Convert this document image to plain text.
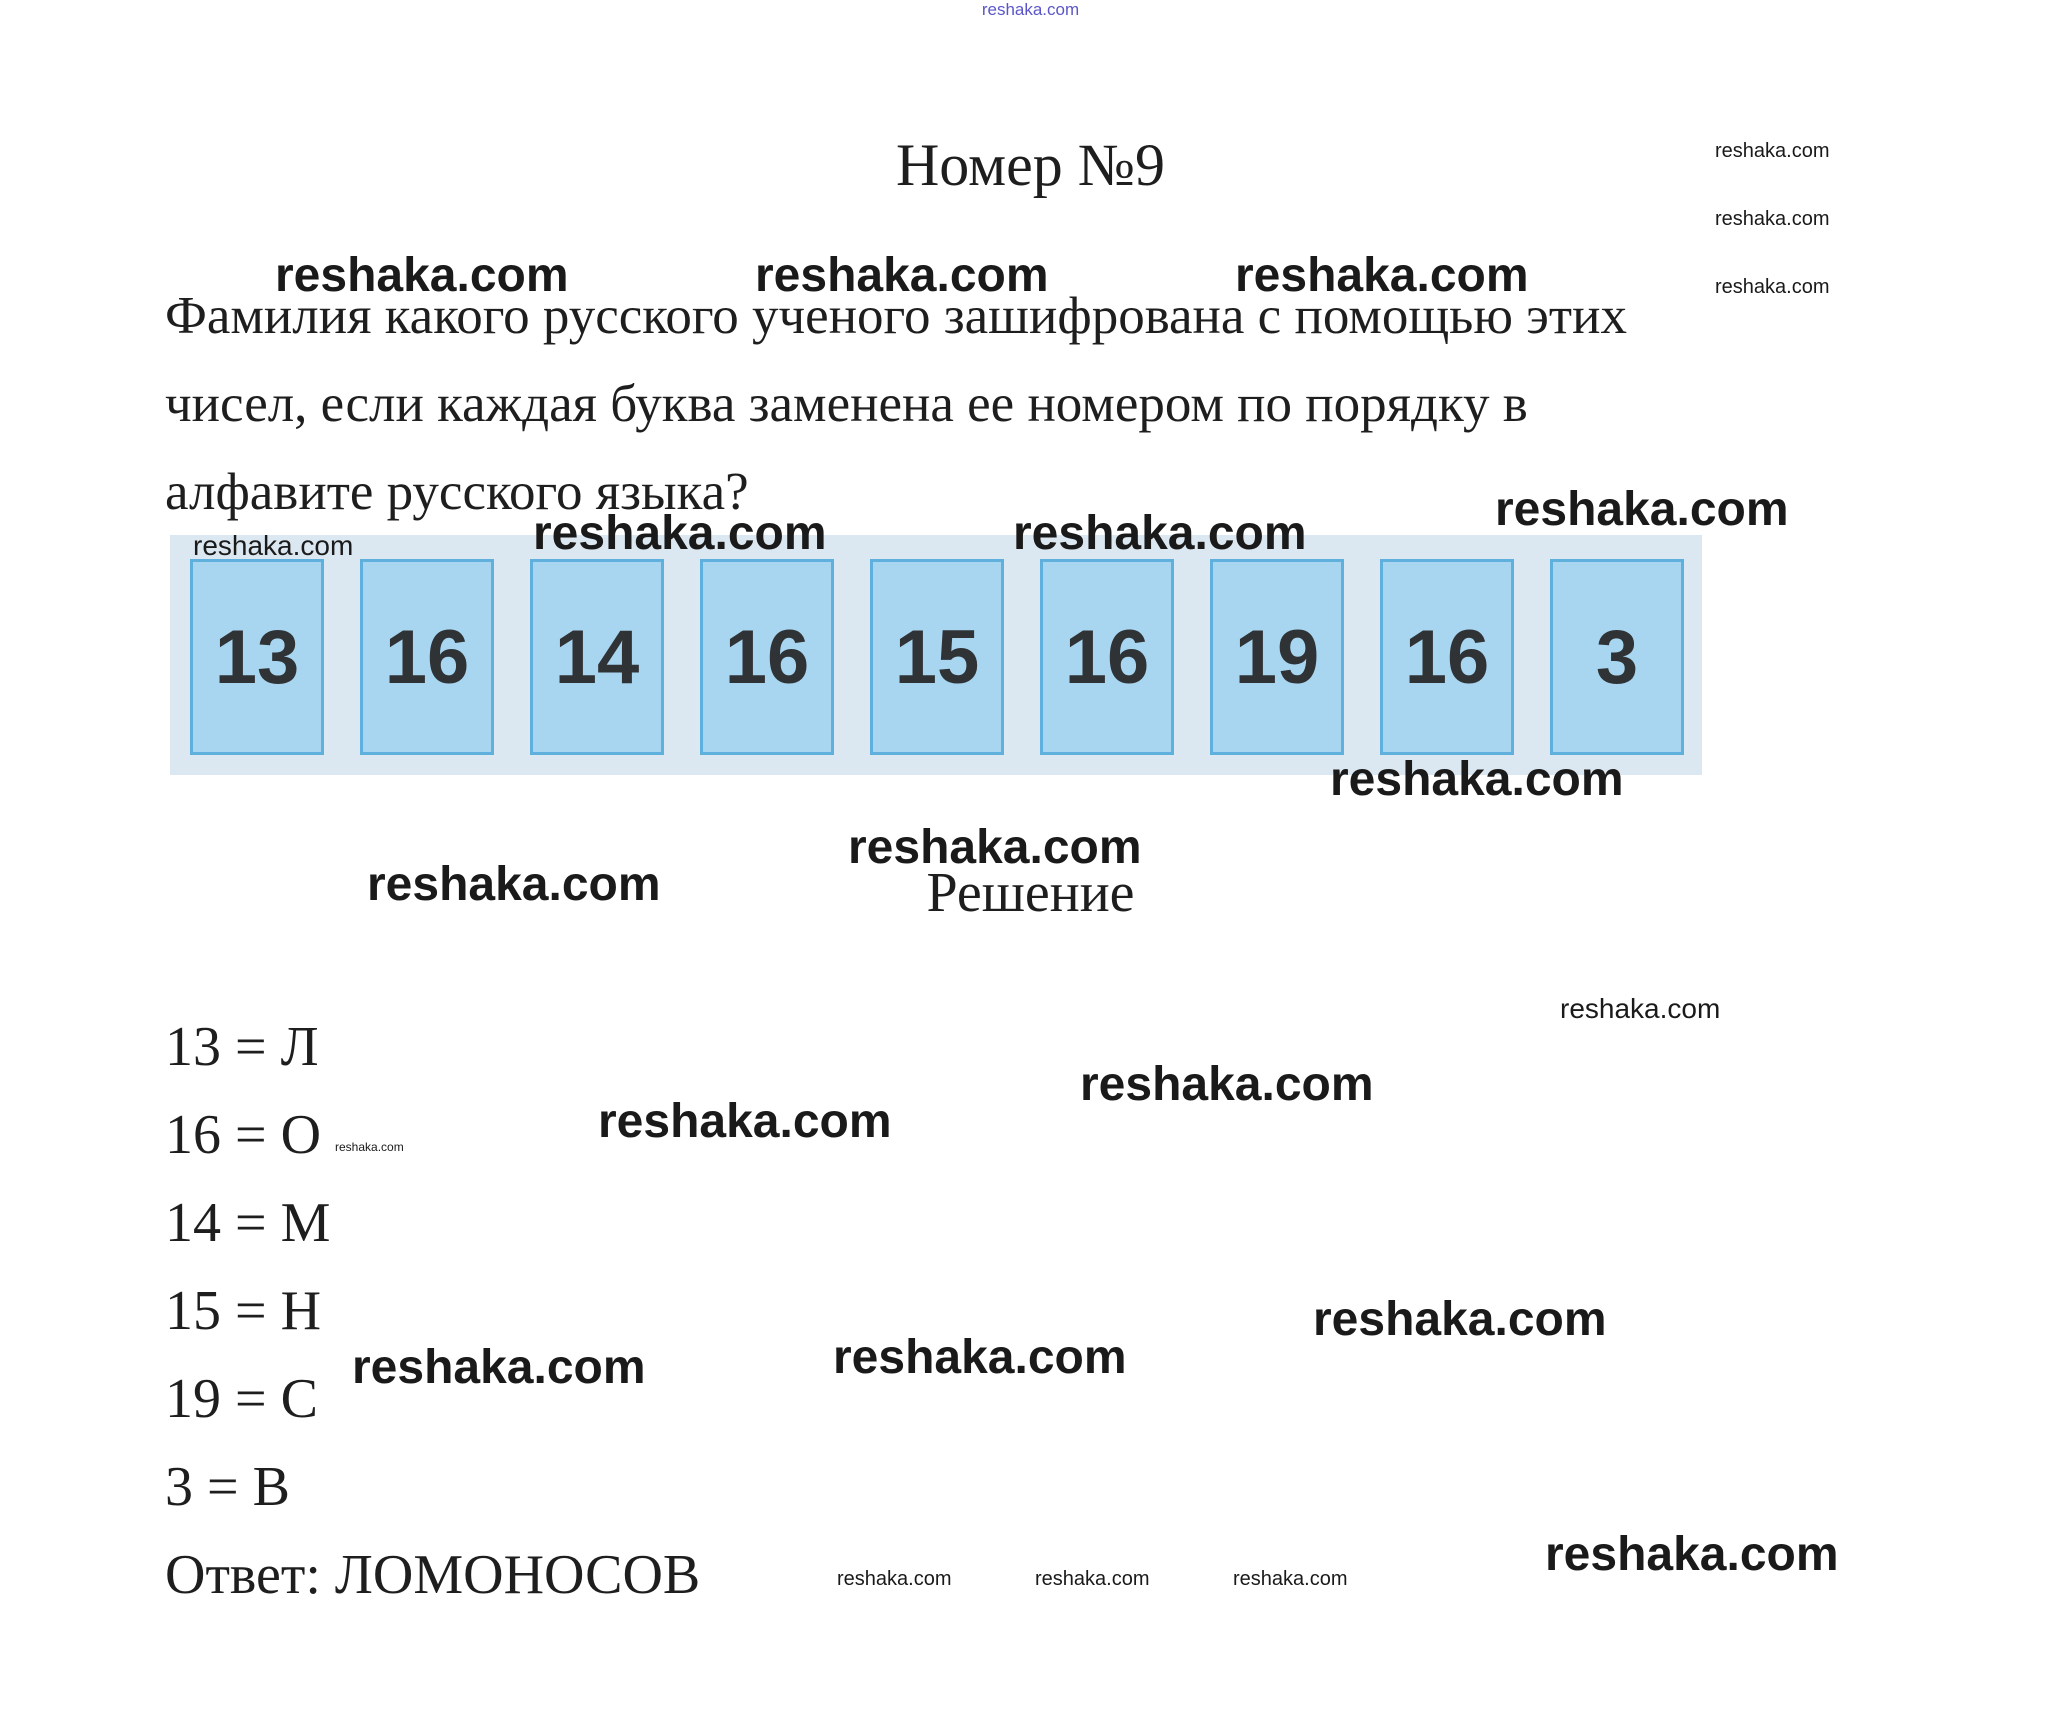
reshaka.com
Номер №9
Фамилия какого русского ученого зашифрована с помощью этих
чисел, если каждая буква заменена ее номером по порядку в
алфавите русского языка?
13	16	14	16	15	16	19	16	3
Решение
13 = Л
16 = О
14 = М
15 = Н
19 = С
3 = В
Ответ: ЛОМОНОСОВ
reshaka.com
reshaka.com
reshaka.com
reshaka.com	reshaka.com	reshaka.com
reshaka.com
reshaka.com	reshaka.com	reshaka.com
reshaka.com
reshaka.com
reshaka.com
reshaka.com
reshaka.com
reshaka.com
reshaka.com
reshaka.com
reshaka.com
reshaka.com
reshaka.com
reshaka.com	reshaka.com	reshaka.com
